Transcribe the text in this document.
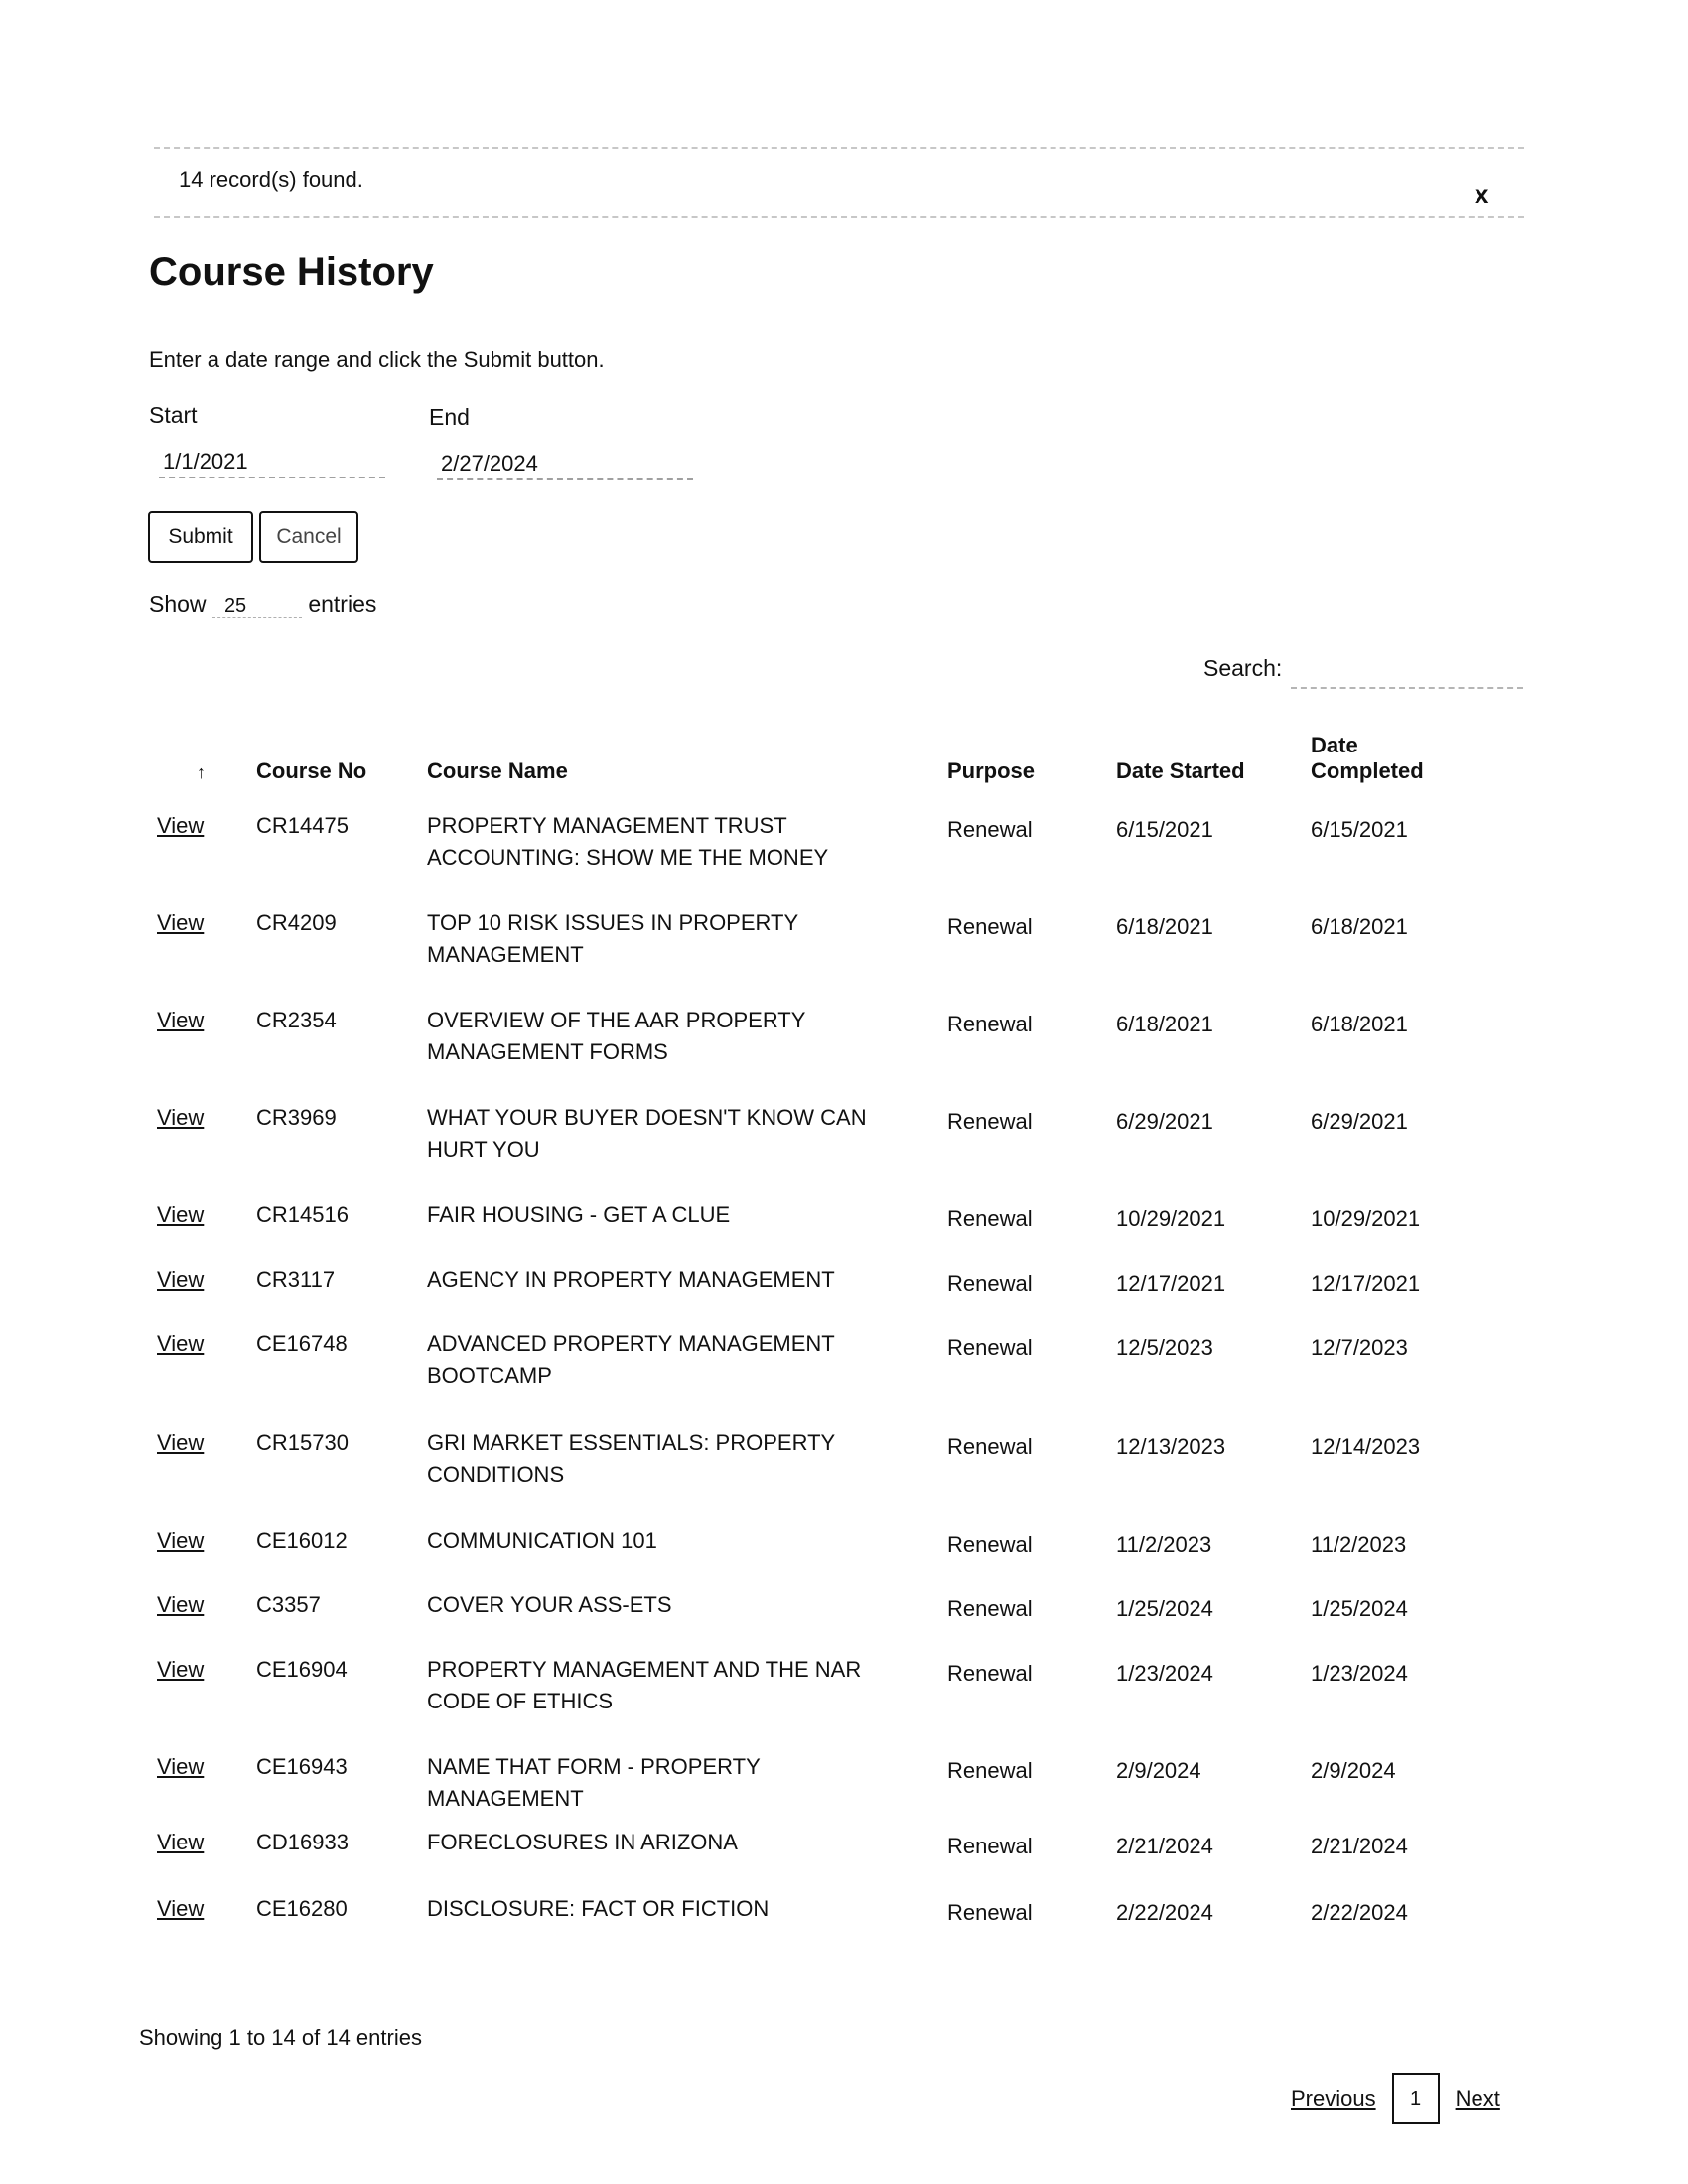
14 record(s) found.	x
Course History
Enter a date range and click the Submit button.
Start
1/1/2021	End
2/27/2024
Submit	Cancel
Show 25	entries
Search:
↑	Course No	Course Name	Purpose	Date Started	Date
Completed
View	CR14475	PROPERTY MANAGEMENT TRUST ACCOUNTING: SHOW ME THE MONEY	Renewal	6/15/2021	6/15/2021
View	CR4209	TOP 10 RISK ISSUES IN PROPERTY MANAGEMENT	Renewal	6/18/2021	6/18/2021
View	CR2354	OVERVIEW OF THE AAR PROPERTY MANAGEMENT FORMS	Renewal	6/18/2021	6/18/2021
View	CR3969	WHAT YOUR BUYER DOESN'T KNOW CAN HURT YOU	Renewal	6/29/2021	6/29/2021
View	CR14516	FAIR HOUSING - GET A CLUE	Renewal	10/29/2021	10/29/2021
View	CR3117	AGENCY IN PROPERTY MANAGEMENT	Renewal	12/17/2021	12/17/2021
View	CE16748	ADVANCED PROPERTY MANAGEMENT BOOTCAMP	Renewal	12/5/2023	12/7/2023
View	CR15730	GRI MARKET ESSENTIALS: PROPERTY CONDITIONS	Renewal	12/13/2023	12/14/2023
View	CE16012	COMMUNICATION 101	Renewal	11/2/2023	11/2/2023
View	C3357	COVER YOUR ASS-ETS	Renewal	1/25/2024	1/25/2024
View	CE16904	PROPERTY MANAGEMENT AND THE NAR CODE OF ETHICS	Renewal	1/23/2024	1/23/2024
View	CE16943	NAME THAT FORM - PROPERTY MANAGEMENT	Renewal	2/9/2024	2/9/2024
View	CD16933	FORECLOSURES IN ARIZONA	Renewal	2/21/2024	2/21/2024
View	CE16280	DISCLOSURE: FACT OR FICTION	Renewal	2/22/2024	2/22/2024
Showing 1 to 14 of 14 entries
Previous	1	Next
